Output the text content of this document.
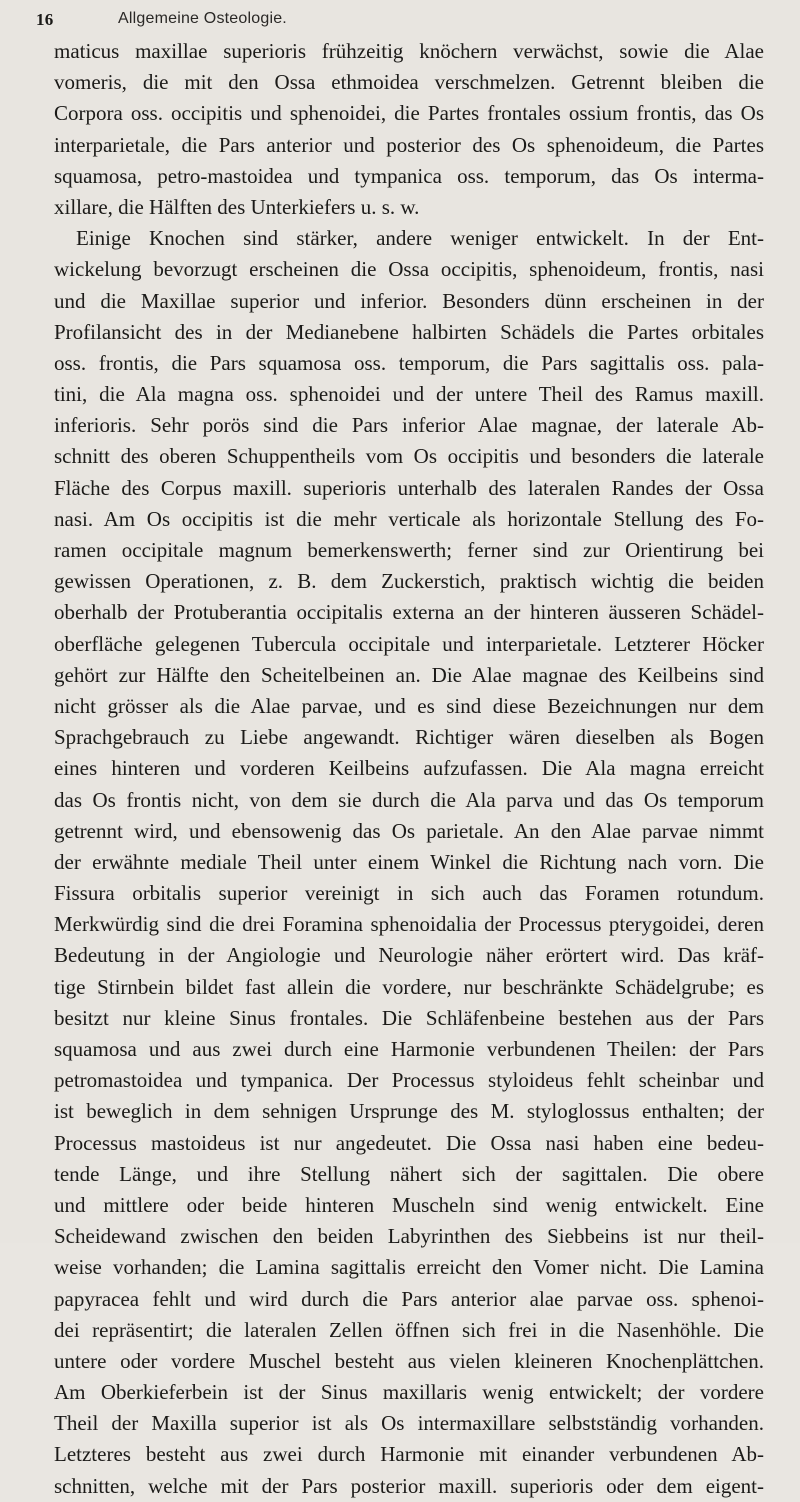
16	Allgemeine Osteologie.
maticus maxillae superioris frühzeitig knöchern verwächst, sowie die Alae
vomeris, die mit den Ossa ethmoidea verschmelzen. Getrennt bleiben die
Corpora oss. occipitis und sphenoidei, die Partes frontales ossium frontis, das Os
interparietale, die Pars anterior und posterior des Os sphenoideum, die Partes
squamosa, petro-mastoidea und tympanica oss. temporum, das Os interma-
xillare, die Hälften des Unterkiefers u. s. w.
Einige Knochen sind stärker, andere weniger entwickelt. In der Ent-
wickelung bevorzugt erscheinen die Ossa occipitis, sphenoideum, frontis, nasi
und die Maxillae superior und inferior. Besonders dünn erscheinen in der
Profilansicht des in der Medianebene halbirten Schädels die Partes orbitales
oss. frontis, die Pars squamosa oss. temporum, die Pars sagittalis oss. pala-
tini, die Ala magna oss. sphenoidei und der untere Theil des Ramus maxill.
inferioris. Sehr porös sind die Pars inferior Alae magnae, der laterale Ab-
schnitt des oberen Schuppentheils vom Os occipitis und besonders die laterale
Fläche des Corpus maxill. superioris unterhalb des lateralen Randes der Ossa
nasi. Am Os occipitis ist die mehr verticale als horizontale Stellung des Fo-
ramen occipitale magnum bemerkenswerth; ferner sind zur Orientirung bei
gewissen Operationen, z. B. dem Zuckerstich, praktisch wichtig die beiden
oberhalb der Protuberantia occipitalis externa an der hinteren äusseren Schädel-
oberfläche gelegenen Tubercula occipitale und interparietale. Letzterer Höcker
gehört zur Hälfte den Scheitelbeinen an. Die Alae magnae des Keilbeins sind
nicht grösser als die Alae parvae, und es sind diese Bezeichnungen nur dem
Sprachgebrauch zu Liebe angewandt. Richtiger wären dieselben als Bogen
eines hinteren und vorderen Keilbeins aufzufassen. Die Ala magna erreicht
das Os frontis nicht, von dem sie durch die Ala parva und das Os temporum
getrennt wird, und ebensowenig das Os parietale. An den Alae parvae nimmt
der erwähnte mediale Theil unter einem Winkel die Richtung nach vorn. Die
Fissura orbitalis superior vereinigt in sich auch das Foramen rotundum.
Merkwürdig sind die drei Foramina sphenoidalia der Processus pterygoidei, deren
Bedeutung in der Angiologie und Neurologie näher erörtert wird. Das kräf-
tige Stirnbein bildet fast allein die vordere, nur beschränkte Schädelgrube; es
besitzt nur kleine Sinus frontales. Die Schläfenbeine bestehen aus der Pars
squamosa und aus zwei durch eine Harmonie verbundenen Theilen: der Pars
petromastoidea und tympanica. Der Processus styloideus fehlt scheinbar und
ist beweglich in dem sehnigen Ursprunge des M. styloglossus enthalten; der
Processus mastoideus ist nur angedeutet. Die Ossa nasi haben eine bedeu-
tende Länge, und ihre Stellung nähert sich der sagittalen. Die obere
und mittlere oder beide hinteren Muscheln sind wenig entwickelt. Eine
Scheidewand zwischen den beiden Labyrinthen des Siebbeins ist nur theil-
weise vorhanden; die Lamina sagittalis erreicht den Vomer nicht. Die Lamina
papyracea fehlt und wird durch die Pars anterior alae parvae oss. sphenoi-
dei repräsentirt; die lateralen Zellen öffnen sich frei in die Nasenhöhle. Die
untere oder vordere Muschel besteht aus vielen kleineren Knochenplättchen.
Am Oberkieferbein ist der Sinus maxillaris wenig entwickelt; der vordere
Theil der Maxilla superior ist als Os intermaxillare selbstständig vorhanden.
Letzteres besteht aus zwei durch Harmonie mit einander verbundenen Ab-
schnitten, welche mit der Pars posterior maxill. superioris oder dem eigent-
